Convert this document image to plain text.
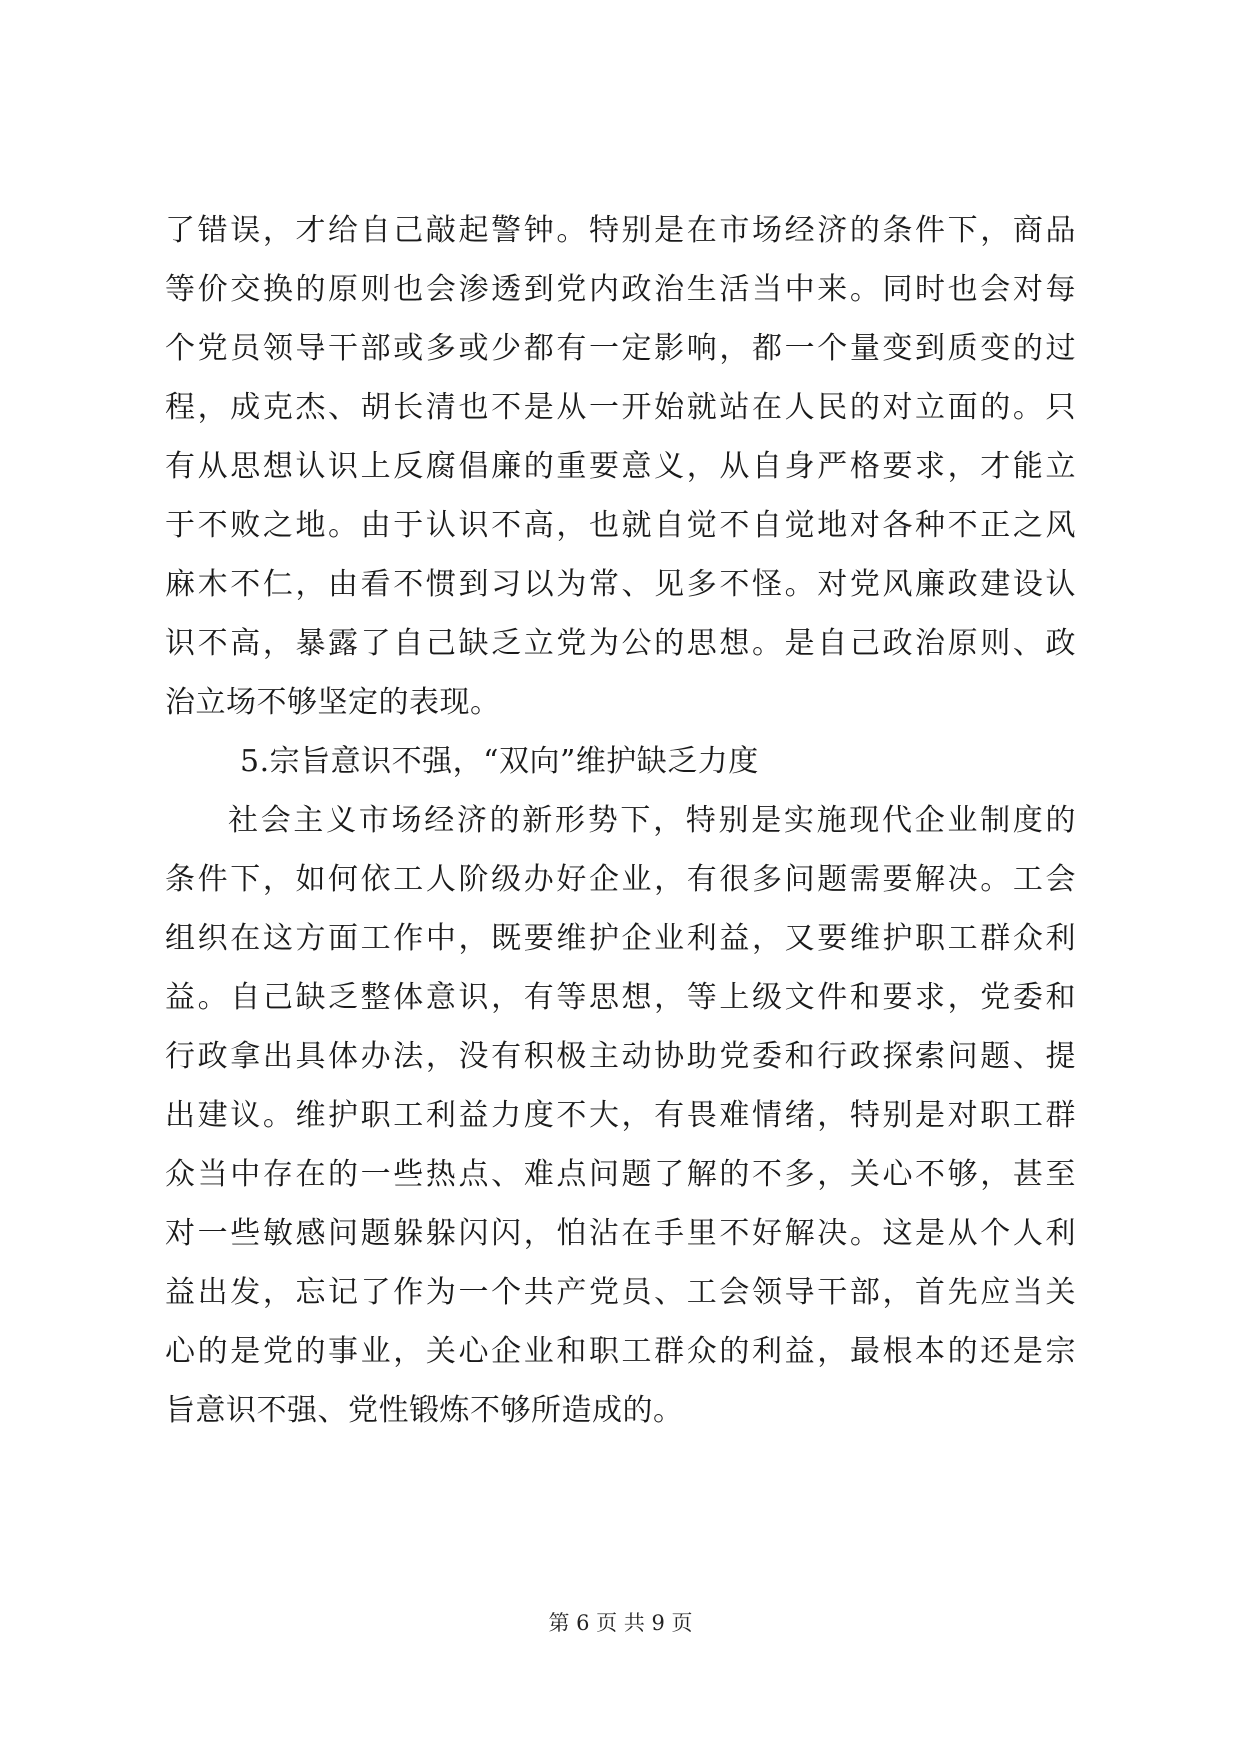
了错误，才给自己敲起警钟。特别是在市场经济的条件下，商品
等价交换的原则也会渗透到党内政治生活当中来。同时也会对每
个党员领导干部或多或少都有一定影响，都一个量变到质变的过
程，成克杰、胡长清也不是从一开始就站在人民的对立面的。只
有从思想认识上反腐倡廉的重要意义，从自身严格要求，才能立
于不败之地。由于认识不高，也就自觉不自觉地对各种不正之风
麻木不仁，由看不惯到习以为常、见多不怪。对党风廉政建设认
识不高，暴露了自己缺乏立党为公的思想。是自己政治原则、政
治立场不够坚定的表现。
5.宗旨意识不强，“双向”维护缺乏力度
社会主义市场经济的新形势下，特别是实施现代企业制度的
条件下，如何依工人阶级办好企业，有很多问题需要解决。工会
组织在这方面工作中，既要维护企业利益，又要维护职工群众利
益。自己缺乏整体意识，有等思想，等上级文件和要求，党委和
行政拿出具体办法，没有积极主动协助党委和行政探索问题、提
出建议。维护职工利益力度不大，有畏难情绪，特别是对职工群
众当中存在的一些热点、难点问题了解的不多，关心不够，甚至
对一些敏感问题躲躲闪闪，怕沾在手里不好解决。这是从个人利
益出发，忘记了作为一个共产党员、工会领导干部，首先应当关
心的是党的事业，关心企业和职工群众的利益，最根本的还是宗
旨意识不强、党性锻炼不够所造成的。
第 6 页 共 9 页
